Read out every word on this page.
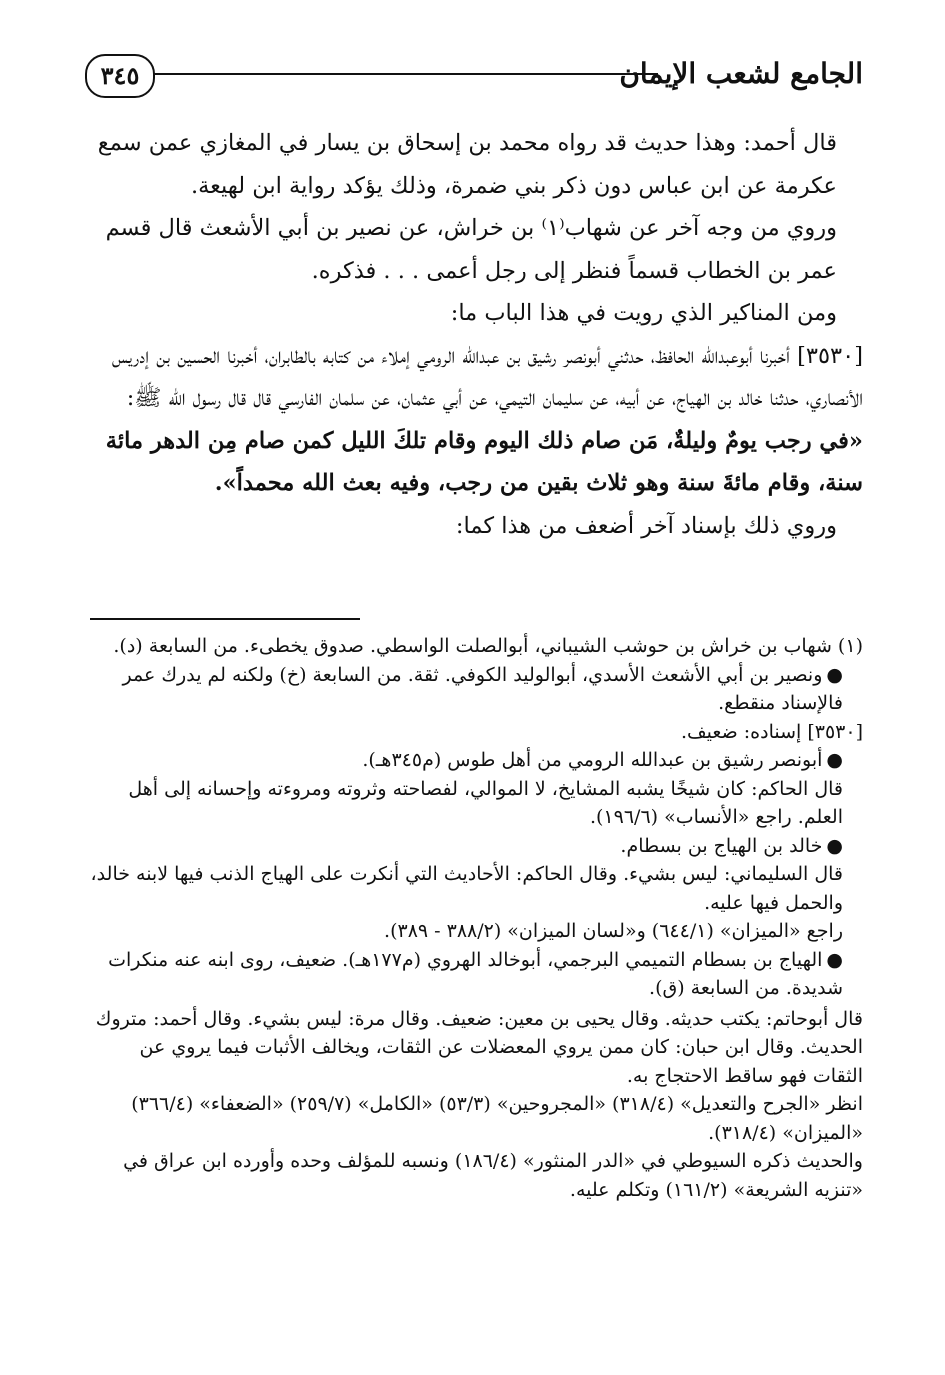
٣٤٥	الجامع لشعب الإيمان

قال أحمد: وهذا حديث قد رواه محمد بن إسحاق بن يسار في المغازي عمن سمع عكرمة عن ابن عباس دون ذكر بني ضمرة، وذلك يؤكد رواية ابن لهيعة.

وروي من وجه آخر عن شهاب⁽١⁾ بن خراش، عن نصير بن أبي الأشعث قال قسم عمر بن الخطاب قسماً فنظر إلى رجل أعمى . . . فذكره.

ومن المناكير الذي رويت في هذا الباب ما:

[٣٥٣٠] أخبرنا أبوعبدالله الحافظ، حدثني أبونصر رشيق بن عبدالله الرومي إملاء من كتابه بالطابران، أخبرنا الحسين بن إدريس الأنصاري، حدثنا خالد بن الهياج، عن أبيه، عن سليمان التيمي، عن أبي عثمان، عن سلمان الفارسي قال قال رسول الله ﷺ:

«في رجب يومٌ وليلةٌ، مَن صام ذلك اليوم وقام تلكَ الليل كمن صام مِن الدهر مائة سنة، وقام مائةَ سنة وهو ثلاث بقين من رجب، وفيه بعث الله محمداً».

وروي ذلك بإسناد آخر أضعف من هذا كما:

(١) شهاب بن خراش بن حوشب الشيباني، أبوالصلت الواسطي. صدوق يخطىء. من السابعة (د).

●ونصير بن أبي الأشعث الأسدي، أبوالوليد الكوفي. ثقة. من السابعة (خ) ولكنه لم يدرك عمر فالإسناد منقطع.

[٣٥٣٠] إسناده: ضعيف.

●أبونصر رشيق بن عبدالله الرومي من أهل طوس (م٣٤٥هـ).

قال الحاكم: كان شيخًا يشبه المشايخ، لا الموالي، لفصاحته وثروته ومروءته وإحسانه إلى أهل العلم. راجع «الأنساب» (١٩٦/٦).

●خالد بن الهياج بن بسطام.

قال السليماني: ليس بشيء. وقال الحاكم: الأحاديث التي أنكرت على الهياج الذنب فيها لابنه خالد، والحمل فيها عليه.

راجع «الميزان» (٦٤٤/١) و«لسان الميزان» (٣٨٨/٢ - ٣٨٩).

●الهياج بن بسطام التميمي البرجمي، أبوخالد الهروي (م١٧٧هـ). ضعيف، روى ابنه عنه منكرات شديدة. من السابعة (ق).

قال أبوحاتم: يكتب حديثه. وقال يحيى بن معين: ضعيف. وقال مرة: ليس بشيء. وقال أحمد: متروك الحديث. وقال ابن حبان: كان ممن يروي المعضلات عن الثقات، ويخالف الأثبات فيما يروي عن الثقات فهو ساقط الاحتجاج به.

انظر «الجرح والتعديل» (٣١٨/٤) «المجروحين» (٥٣/٣) «الكامل» (٢٥٩/٧) «الضعفاء» (٣٦٦/٤) «الميزان» (٣١٨/٤).

والحديث ذكره السيوطي في «الدر المنثور» (١٨٦/٤) ونسبه للمؤلف وحده وأورده ابن عراق في «تنزيه الشريعة» (١٦١/٢) وتكلم عليه.
